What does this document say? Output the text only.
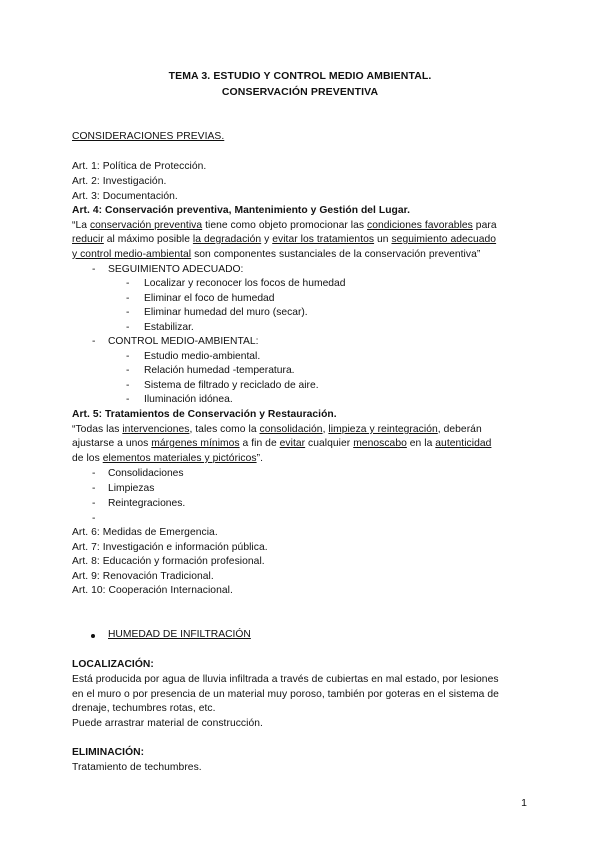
TEMA 3. ESTUDIO Y CONTROL MEDIO AMBIENTAL.
CONSERVACIÓN PREVENTIVA
CONSIDERACIONES PREVIAS.
Art. 1: Política de Protección.
Art. 2: Investigación.
Art. 3: Documentación.
Art. 4: Conservación preventiva, Mantenimiento y Gestión del Lugar.
“La conservación preventiva tiene como objeto promocionar las condiciones favorables para
reducir al máximo posible la degradación y evitar los tratamientos un seguimiento adecuado
y control medio-ambiental son componentes sustanciales de la conservación preventiva”
- SEGUIMIENTO ADECUADO:
- Localizar y reconocer los focos de humedad
- Eliminar el foco de humedad
- Eliminar humedad del muro (secar).
- Estabilizar.
- CONTROL MEDIO-AMBIENTAL:
- Estudio medio-ambiental.
- Relación humedad -temperatura.
- Sistema de filtrado y reciclado de aire.
- Iluminación idónea.
Art. 5: Tratamientos de Conservación y Restauración.
“Todas las intervenciones, tales como la consolidación, limpieza y reintegración, deberán
ajustarse a unos márgenes mínimos a fin de evitar cualquier menoscabo en la autenticidad
de los elementos materiales y pictóricos”.
- Consolidaciones
- Limpiezas
- Reintegraciones.
-
Art. 6: Medidas de Emergencia.
Art. 7: Investigación e información pública.
Art. 8: Educación y formación profesional.
Art. 9: Renovación Tradicional.
Art. 10: Cooperación Internacional.
HUMEDAD DE INFILTRACIÓN
LOCALIZACIÓN:
Está producida por agua de lluvia infiltrada a través de cubiertas en mal estado, por lesiones
en el muro o por presencia de un material muy poroso, también por goteras en el sistema de
drenaje, techumbres rotas, etc.
Puede arrastrar material de construcción.
ELIMINACIÓN:
Tratamiento de techumbres.
1
